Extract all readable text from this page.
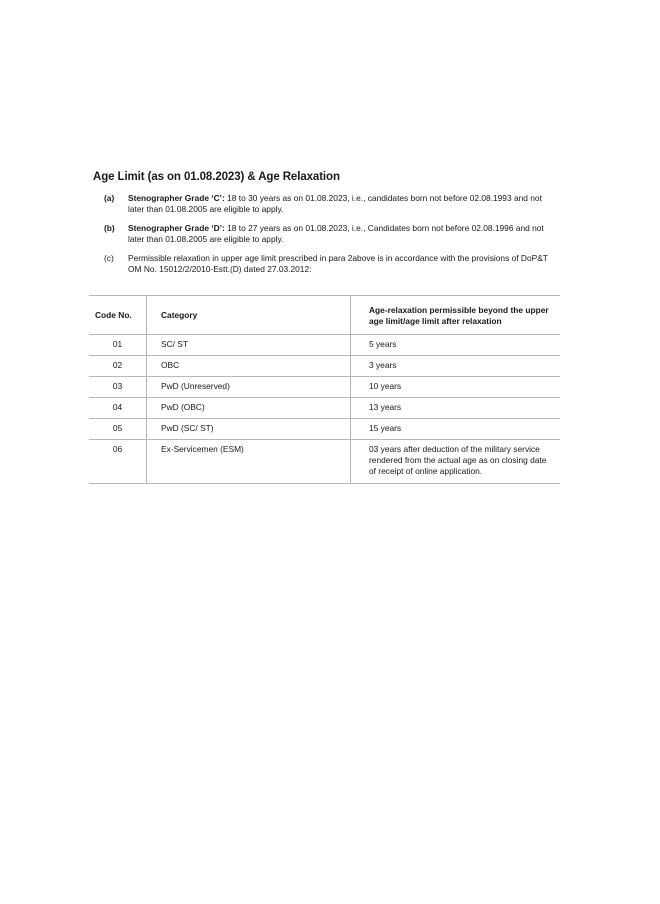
Age Limit (as on 01.08.2023) & Age Relaxation
(a)	Stenographer Grade ‘C’: 18 to 30 years as on 01.08.2023, i.e., candidates born not before 02.08.1993 and not later than 01.08.2005 are eligible to apply.
(b)	Stenographer Grade ‘D’: 18 to 27 years as on 01.08.2023, i.e., Candidates born not before 02.08.1996 and not later than 01.08.2005 are eligible to apply.
(c)	Permissible relaxation in upper age limit prescribed in para 2above is in accordance with the provisions of DoP&T OM No. 15012/2/2010-Estt.(D) dated 27.03.2012:
Code No.	Category	Age-relaxation permissible beyond the upper age limit/age limit after relaxation
01	SC/ ST	5 years
02	OBC	3 years
03	PwD (Unreserved)	10 years
04	PwD (OBC)	13 years
05	PwD (SC/ ST)	15 years
06	Ex-Servicemen (ESM)	03 years after deduction of the military service rendered from the actual age as on closing date of receipt of online application.
